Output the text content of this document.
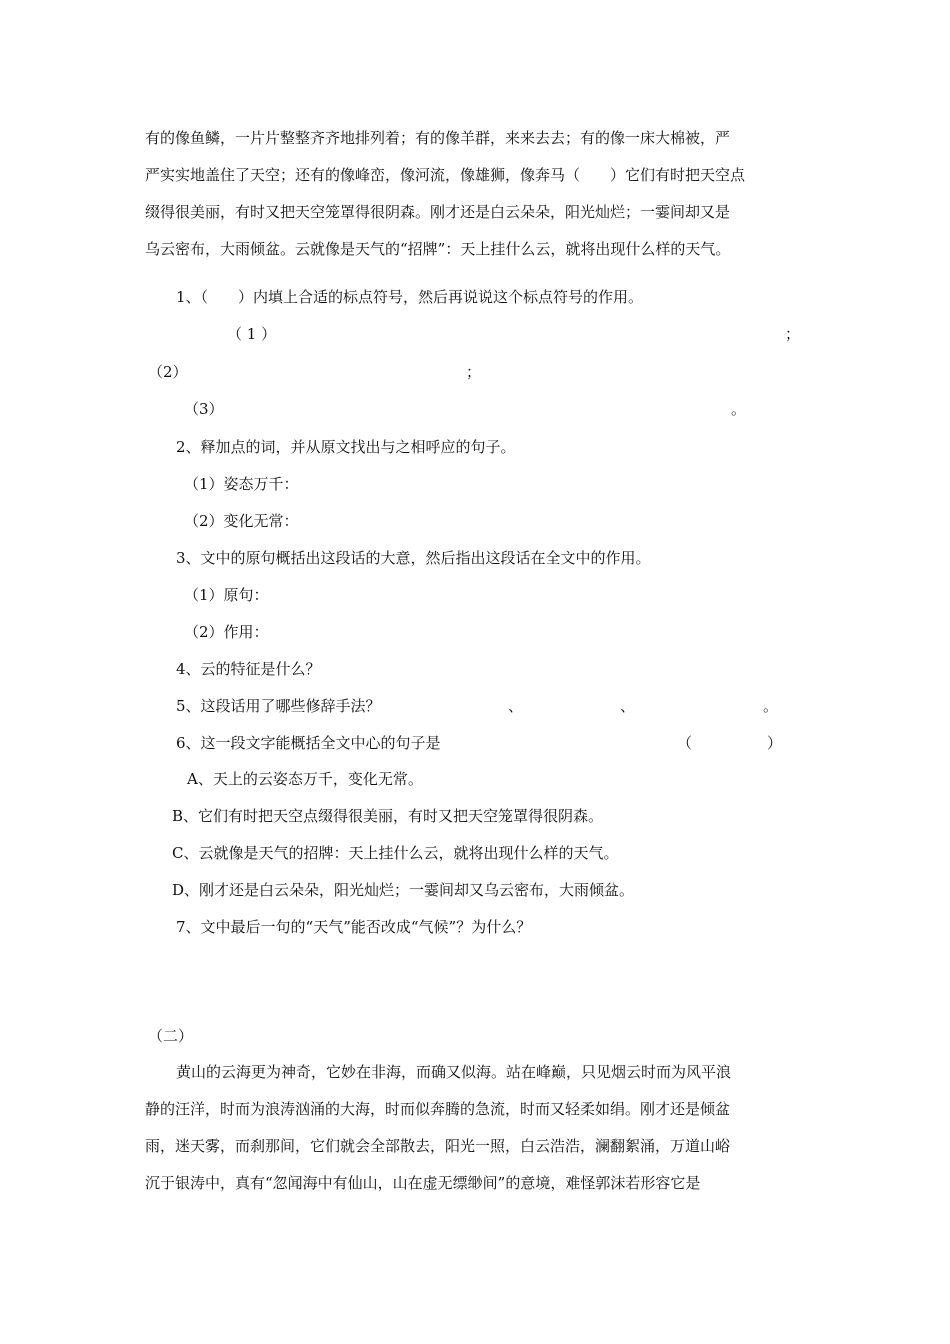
有的像鱼鳞，一片片整整齐齐地排列着；有的像羊群，来来去去；有的像一床大棉被，严
严实实地盖住了天空；还有的像峰峦，像河流，像雄狮，像奔马（　　）它们有时把天空点
缀得很美丽，有时又把天空笼罩得很阴森。刚才还是白云朵朵，阳光灿烂；一霎间却又是
乌云密布，大雨倾盆。云就像是天气的“招牌”：天上挂什么云，就将出现什么样的天气。
1、（　　）内填上合适的标点符号，然后再说说这个标点符号的作用。
（ 1 ）	；
（2）	；
（3）	。
2、释加点的词，并从原文找出与之相呼应的句子。
（1）姿态万千：
（2）变化无常：
3、文中的原句概括出这段话的大意，然后指出这段话在全文中的作用。
（1）原句：
（2）作用：
4、云的特征是什么？
5、这段话用了哪些修辞手法？	、	、	。
6、这一段文字能概括全文中心的句子是	（　　　　　）
A、天上的云姿态万千，变化无常。
B、它们有时把天空点缀得很美丽，有时又把天空笼罩得很阴森。
C、云就像是天气的招牌：天上挂什么云，就将出现什么样的天气。
D、刚才还是白云朵朵，阳光灿烂；一霎间却又乌云密布，大雨倾盆。
7、文中最后一句的“天气”能否改成“气候”？为什么？
（二）
黄山的云海更为神奇，它妙在非海，而确又似海。站在峰巅，只见烟云时而为风平浪
静的汪洋，时而为浪涛汹涌的大海，时而似奔腾的急流，时而又轻柔如绢。刚才还是倾盆
雨，迷天雾，而刹那间，它们就会全部散去，阳光一照，白云浩浩，澜翻絮涌，万道山峪
沉于银涛中，真有“忽闻海中有仙山，山在虚无缥缈间”的意境，难怪郭沫若形容它是
